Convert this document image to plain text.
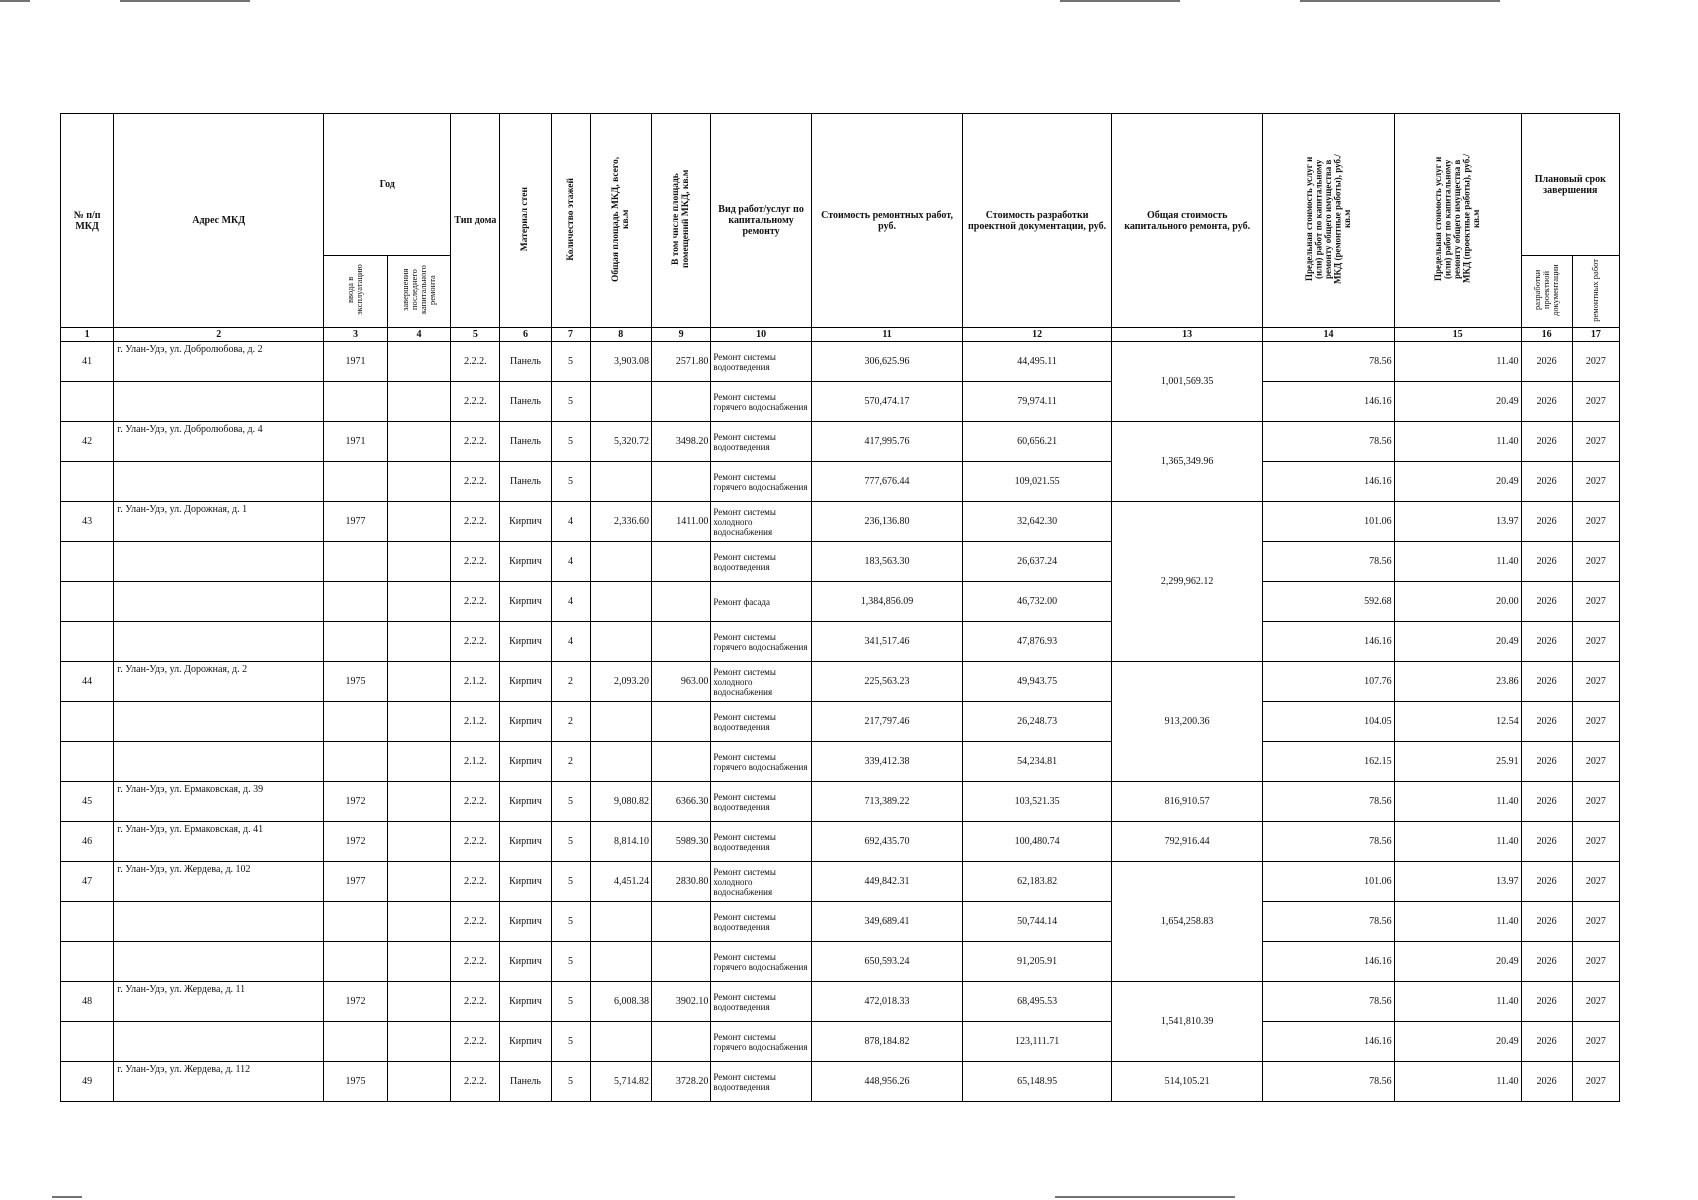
№ п/п МКД	Адрес МКД	Год		Тип дома	Материал стен	Количество этажей	Общая площадь МКД, всего, кв.м	В том числе площадь помещений МКД, кв.м	Вид работ/услуг по капитальному ремонту	Стоимость ремонтных работ, руб.	Стоимость разработки проектной документации, руб.	Общая стоимость капитального ремонта, руб.	Предельная стоимость услуг и (или) работ по капитальному ремонту общего имущества в МКД (ремонтные работы), руб./кв.м	Предельная стоимость услуг и (или) работ по капитальному ремонту общего имущества в МКД (проектные работы), руб./кв.м	Плановый срок завершения	
		ввода в эксплуатацию	завершения последнего капитального ремонта												разработки проектной документации	ремонтных работ
1	2	3	4	5	6	7	8	9	10	11	12	13	14	15	16	17
41	г. Улан-Удэ, ул. Добролюбова, д. 2	1971		2.2.2.	Панель	5	3,903.08	2571.80	Ремонт системы водоотведения	306,625.96	44,495.11	1,001,569.35	78.56	11.40	2026	2027
				2.2.2.	Панель	5			Ремонт системы горячего водоснабжения	570,474.17	79,974.11		146.16	20.49	2026	2027
42	г. Улан-Удэ, ул. Добролюбова, д. 4	1971		2.2.2.	Панель	5	5,320.72	3498.20	Ремонт системы водоотведения	417,995.76	60,656.21	1,365,349.96	78.56	11.40	2026	2027
				2.2.2.	Панель	5			Ремонт системы горячего водоснабжения	777,676.44	109,021.55		146.16	20.49	2026	2027
43	г. Улан-Удэ, ул. Дорожная, д. 1	1977		2.2.2.	Кирпич	4	2,336.60	1411.00	Ремонт системы холодного водоснабжения	236,136.80	32,642.30	2,299,962.12	101.06	13.97	2026	2027
				2.2.2.	Кирпич	4			Ремонт системы водоотведения	183,563.30	26,637.24		78.56	11.40	2026	2027
				2.2.2.	Кирпич	4			Ремонт фасада	1,384,856.09	46,732.00		592.68	20.00	2026	2027
				2.2.2.	Кирпич	4			Ремонт системы горячего водоснабжения	341,517.46	47,876.93		146.16	20.49	2026	2027
44	г. Улан-Удэ, ул. Дорожная, д. 2	1975		2.1.2.	Кирпич	2	2,093.20	963.00	Ремонт системы холодного водоснабжения	225,563.23	49,943.75	913,200.36	107.76	23.86	2026	2027
				2.1.2.	Кирпич	2			Ремонт системы водоотведения	217,797.46	26,248.73		104.05	12.54	2026	2027
				2.1.2.	Кирпич	2			Ремонт системы горячего водоснабжения	339,412.38	54,234.81		162.15	25.91	2026	2027
45	г. Улан-Удэ, ул. Ермаковская, д. 39	1972		2.2.2.	Кирпич	5	9,080.82	6366.30	Ремонт системы водоотведения	713,389.22	103,521.35	816,910.57	78.56	11.40	2026	2027
46	г. Улан-Удэ, ул. Ермаковская, д. 41	1972		2.2.2.	Кирпич	5	8,814.10	5989.30	Ремонт системы водоотведения	692,435.70	100,480.74	792,916.44	78.56	11.40	2026	2027
47	г. Улан-Удэ, ул. Жердева, д. 102	1977		2.2.2.	Кирпич	5	4,451.24	2830.80	Ремонт системы холодного водоснабжения	449,842.31	62,183.82	1,654,258.83	101.06	13.97	2026	2027
				2.2.2.	Кирпич	5			Ремонт системы водоотведения	349,689.41	50,744.14		78.56	11.40	2026	2027
				2.2.2.	Кирпич	5			Ремонт системы горячего водоснабжения	650,593.24	91,205.91		146.16	20.49	2026	2027
48	г. Улан-Удэ, ул. Жердева, д. 11	1972		2.2.2.	Кирпич	5	6,008.38	3902.10	Ремонт системы водоотведения	472,018.33	68,495.53	1,541,810.39	78.56	11.40	2026	2027
				2.2.2.	Кирпич	5			Ремонт системы горячего водоснабжения	878,184.82	123,111.71		146.16	20.49	2026	2027
49	г. Улан-Удэ, ул. Жердева, д. 112	1975		2.2.2.	Панель	5	5,714.82	3728.20	Ремонт системы водоотведения	448,956.26	65,148.95	514,105.21	78.56	11.40	2026	2027
